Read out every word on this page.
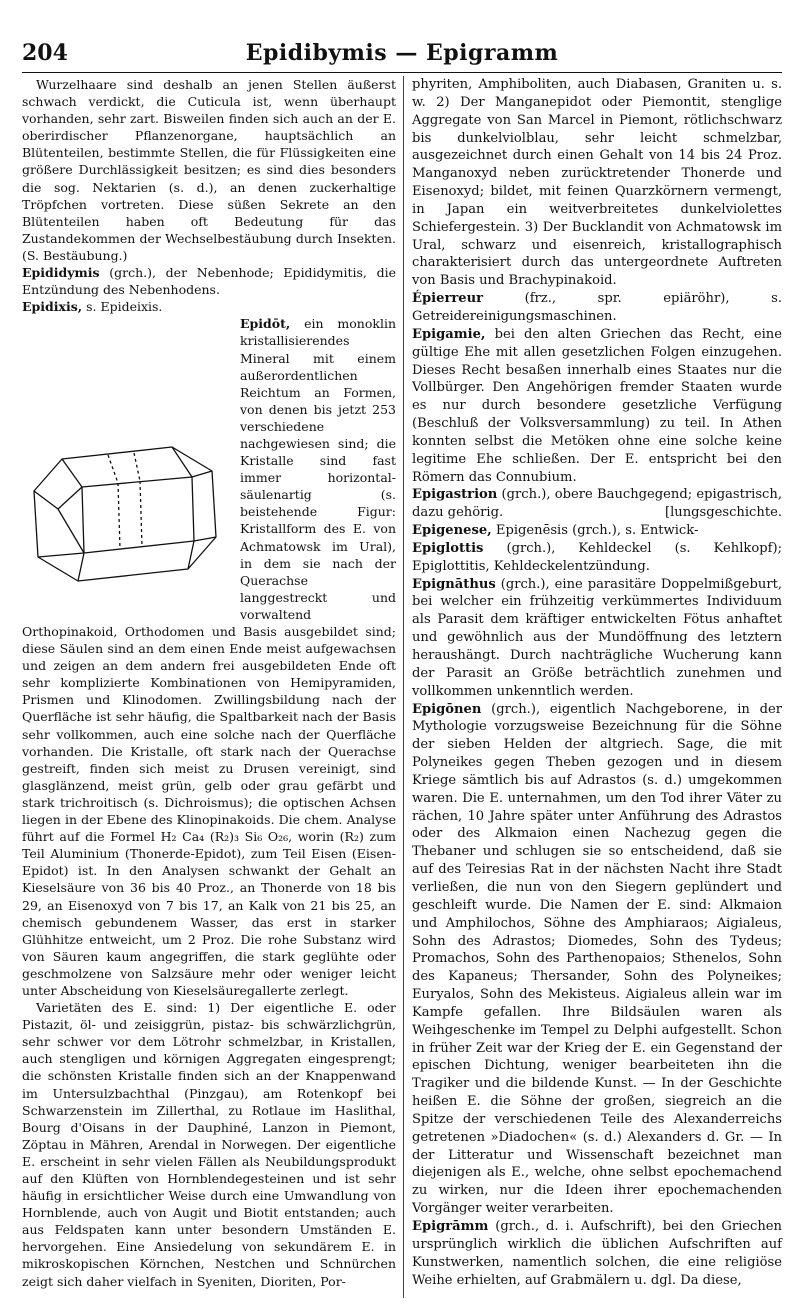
204	Epidibymis — Epigramm

Wurzelhaare sind deshalb an jenen Stellen äußerst schwach verdickt, die Cuticula ist, wenn überhaupt vorhanden, sehr zart. Bisweilen finden sich auch an der E. oberirdischer Pflanzenorgane, hauptsächlich an Blütenteilen, bestimmte Stellen, die für Flüssigkeiten eine größere Durchlässigkeit besitzen; es sind dies besonders die sog. Nektarien (s. d.), an denen zuckerhaltige Tröpfchen vortreten. Diese süßen Sekrete an den Blütenteilen haben oft Bedeutung für das Zustandekommen der Wechselbestäubung durch Insekten. (S. Bestäubung.)

Epididymis (grch.), der Nebenhode; Epididymitis, die Entzündung des Nebenhodens.

Epidixis, s. Epideixis.

Epidōt, ein monoklin kristallisierendes Mineral mit einem außerordentlichen Reichtum an Formen, von denen bis jetzt 253 verschiedene nachgewiesen sind; die Kristalle sind fast immer horizontal-säulenartig (s. beistehende Figur: Kristallform des E. von Achmatowsk im Ural), in dem sie nach der Querachse langgestreckt und vorwaltend Orthopinakoid, Orthodomen und Basis ausgebildet sind; diese Säulen sind an dem einen Ende meist aufgewachsen und zeigen an dem andern frei ausgebildeten Ende oft sehr komplizierte Kombinationen von Hemipyramiden, Prismen und Klinodomen. Zwillingsbildung nach der Querfläche ist sehr häufig, die Spaltbarkeit nach der Basis sehr vollkommen, auch eine solche nach der Querfläche vorhanden. Die Kristalle, oft stark nach der Querachse gestreift, finden sich meist zu Drusen vereinigt, sind glasglänzend, meist grün, gelb oder grau gefärbt und stark trichroitisch (s. Dichroismus); die optischen Achsen liegen in der Ebene des Klinopinakoids. Die chem. Analyse führt auf die Formel H₂ Ca₄ (R₂)₃ Si₆ O₂₆, worin (R₂) zum Teil Aluminium (Thonerde-Epidot), zum Teil Eisen (Eisen-Epidot) ist. In den Analysen schwankt der Gehalt an Kieselsäure von 36 bis 40 Proz., an Thonerde von 18 bis 29, an Eisenoxyd von 7 bis 17, an Kalk von 21 bis 25, an chemisch gebundenem Wasser, das erst in starker Glühhitze entweicht, um 2 Proz. Die rohe Substanz wird von Säuren kaum angegriffen, die stark geglühte oder geschmolzene von Salzsäure mehr oder weniger leicht unter Abscheidung von Kieselsäuregallerte zerlegt.

Varietäten des E. sind: 1) Der eigentliche E. oder Pistazit, öl- und zeisiggrün, pistaz- bis schwärzlichgrün, sehr schwer vor dem Lötrohr schmelzbar, in Kristallen, auch stengligen und körnigen Aggregaten eingesprengt; die schönsten Kristalle finden sich an der Knappenwand im Untersulzbachthal (Pinzgau), am Rotenkopf bei Schwarzenstein im Zillerthal, zu Rotlaue im Haslithal, Bourg d'Oisans in der Dauphiné, Lanzon in Piemont, Zöptau in Mähren, Arendal in Norwegen. Der eigentliche E. erscheint in sehr vielen Fällen als Neubildungsprodukt auf den Klüften von Hornblendegesteinen und ist sehr häufig in ersichtlicher Weise durch eine Umwandlung von Hornblende, auch von Augit und Biotit entstanden; auch aus Feldspaten kann unter besondern Umständen E. hervorgehen. Eine Ansiedelung von sekundärem E. in mikroskopischen Körnchen, Nestchen und Schnürchen zeigt sich daher vielfach in Syeniten, Dioriten, Por-

phyriten, Amphiboliten, auch Diabasen, Graniten u. s. w. 2) Der Manganepidot oder Piemontit, stenglige Aggregate von San Marcel in Piemont, rötlichschwarz bis dunkelviolblau, sehr leicht schmelzbar, ausgezeichnet durch einen Gehalt von 14 bis 24 Proz. Manganoxyd neben zurücktretender Thonerde und Eisenoxyd; bildet, mit feinen Quarzkörnern vermengt, in Japan ein weitverbreitetes dunkelviolettes Schiefergestein. 3) Der Bucklandit von Achmatowsk im Ural, schwarz und eisenreich, kristallographisch charakterisiert durch das untergeordnete Auftreten von Basis und Brachypinakoid.

Épierreur (frz., spr. epiäröhr), s. Getreidereinigungsmaschinen.

Epigamie, bei den alten Griechen das Recht, eine gültige Ehe mit allen gesetzlichen Folgen einzugehen. Dieses Recht besaßen innerhalb eines Staates nur die Vollbürger. Den Angehörigen fremder Staaten wurde es nur durch besondere gesetzliche Verfügung (Beschluß der Volksversammlung) zu teil. In Athen konnten selbst die Metöken ohne eine solche keine legitime Ehe schließen. Der E. entspricht bei den Römern das Connubium.

Epigastrion (grch.), obere Bauchgegend; epigastrisch, dazu gehörig.	[lungsgeschichte.

Epigenese, Epigenēsis (grch.), s. Entwick-

Epiglottis (grch.), Kehldeckel (s. Kehlkopf); Epiglottitis, Kehldeckelentzündung.

Epignāthus (grch.), eine parasitäre Doppelmißgeburt, bei welcher ein frühzeitig verkümmertes Individuum als Parasit dem kräftiger entwickelten Fötus anhaftet und gewöhnlich aus der Mundöffnung des letztern heraushängt. Durch nachträgliche Wucherung kann der Parasit an Größe beträchtlich zunehmen und vollkommen unkenntlich werden.

Epigōnen (grch.), eigentlich Nachgeborene, in der Mythologie vorzugsweise Bezeichnung für die Söhne der sieben Helden der altgriech. Sage, die mit Polyneikes gegen Theben gezogen und in diesem Kriege sämtlich bis auf Adrastos (s. d.) umgekommen waren. Die E. unternahmen, um den Tod ihrer Väter zu rächen, 10 Jahre später unter Anführung des Adrastos oder des Alkmaion einen Nachezug gegen die Thebaner und schlugen sie so entscheidend, daß sie auf des Teiresias Rat in der nächsten Nacht ihre Stadt verließen, die nun von den Siegern geplündert und geschleift wurde. Die Namen der E. sind: Alkmaion und Amphilochos, Söhne des Amphiaraos; Aigialeus, Sohn des Adrastos; Diomedes, Sohn des Tydeus; Promachos, Sohn des Parthenopaios; Sthenelos, Sohn des Kapaneus; Thersander, Sohn des Polyneikes; Euryalos, Sohn des Mekisteus. Aigialeus allein war im Kampfe gefallen. Ihre Bildsäulen waren als Weihgeschenke im Tempel zu Delphi aufgestellt. Schon in früher Zeit war der Krieg der E. ein Gegenstand der epischen Dichtung, weniger bearbeiteten ihn die Tragiker und die bildende Kunst. — In der Geschichte heißen E. die Söhne der großen, siegreich an die Spitze der verschiedenen Teile des Alexanderreichs getretenen »Diadochen« (s. d.) Alexanders d. Gr. — In der Litteratur und Wissenschaft bezeichnet man diejenigen als E., welche, ohne selbst epochemachend zu wirken, nur die Ideen ihrer epochemachenden Vorgänger weiter verarbeiten.

Epigrāmm (grch., d. i. Aufschrift), bei den Griechen ursprünglich wirklich die üblichen Aufschriften auf Kunstwerken, namentlich solchen, die eine religiöse Weihe erhielten, auf Grabmälern u. dgl. Da diese,
